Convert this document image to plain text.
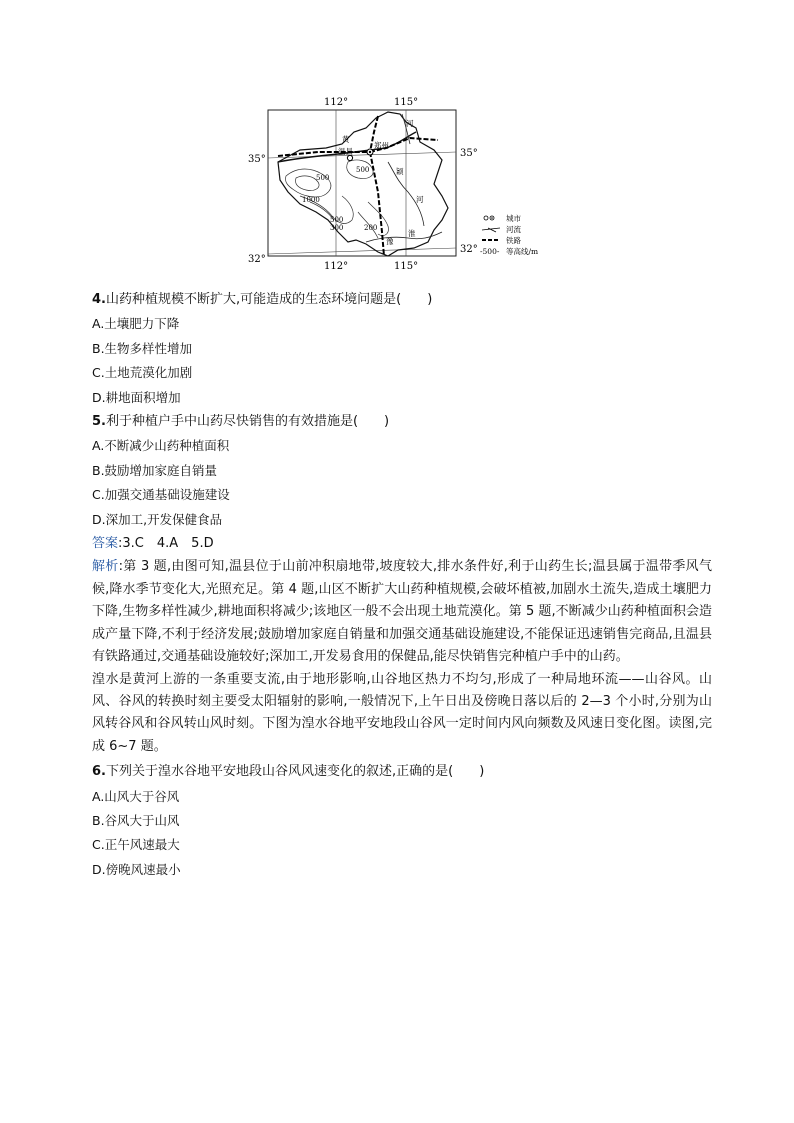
112°	115°
112°	115°
35°
32°
35°
32°
500
1000
500
500
300	200
温县
郑州
黄
颖
河
淮
河
豫
城市
河流
铁路
-500- 等高线/m
4.山药种植规模不断扩大,可能造成的生态环境问题是(　　)
A.土壤肥力下降
B.生物多样性增加
C.土地荒漠化加剧
D.耕地面积增加
5.利于种植户手中山药尽快销售的有效措施是(　　)
A.不断减少山药种植面积
B.鼓励增加家庭自销量
C.加强交通基础设施建设
D.深加工,开发保健食品
答案:3.C　4.A　5.D
解析:第 3 题,由图可知,温县位于山前冲积扇地带,坡度较大,排水条件好,利于山药生长;温县属于温带季风气候,降水季节变化大,光照充足。第 4 题,山区不断扩大山药种植规模,会破坏植被,加剧水土流失,造成土壤肥力下降,生物多样性减少,耕地面积将减少;该地区一般不会出现土地荒漠化。第 5 题,不断减少山药种植面积会造成产量下降,不利于经济发展;鼓励增加家庭自销量和加强交通基础设施建设,不能保证迅速销售完商品,且温县有铁路通过,交通基础设施较好;深加工,开发易食用的保健品,能尽快销售完种植户手中的山药。
湟水是黄河上游的一条重要支流,由于地形影响,山谷地区热力不均匀,形成了一种局地环流——山谷风。山风、谷风的转换时刻主要受太阳辐射的影响,一般情况下,上午日出及傍晚日落以后的 2—3 个小时,分别为山风转谷风和谷风转山风时刻。下图为湟水谷地平安地段山谷风一定时间内风向频数及风速日变化图。读图,完成 6~7 题。
6.下列关于湟水谷地平安地段山谷风风速变化的叙述,正确的是(　　)
A.山风大于谷风
B.谷风大于山风
C.正午风速最大
D.傍晚风速最小
